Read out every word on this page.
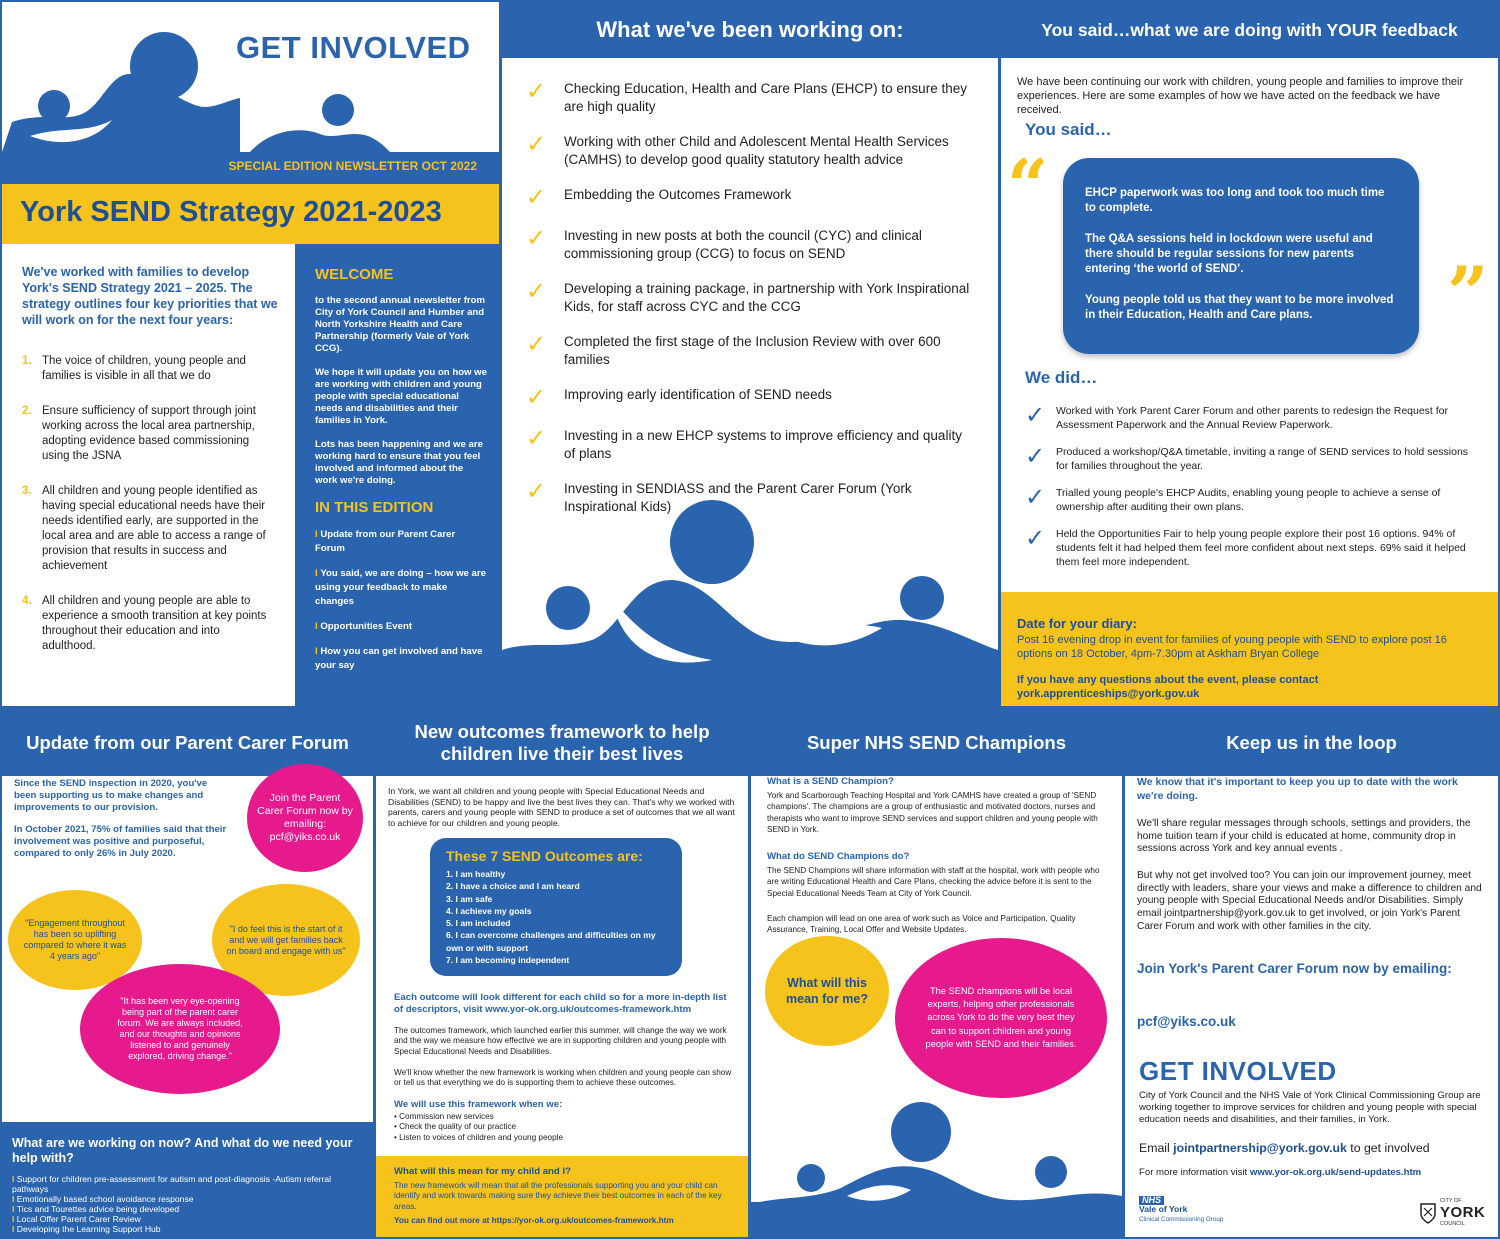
GET INVOLVED
SPECIAL EDITION NEWSLETTER OCT 2022
York SEND Strategy 2021-2023
We've worked with families to develop York's SEND Strategy 2021 – 2025. The strategy outlines four key priorities that we will work on for the next four years:
1. The voice of children, young people and families is visible in all that we do
2. Ensure sufficiency of support through joint working across the local area partnership, adopting evidence based commissioning using the JSNA
3. All children and young people identified as having special educational needs have their needs identified early, are supported in the local area and are able to access a range of provision that results in success and achievement
4. All children and young people are able to experience a smooth transition at key points throughout their education and into adulthood.
WELCOME

to the second annual newsletter from City of York Council and Humber and North Yorkshire Health and Care Partnership (formerly Vale of York CCG).

We hope it will update you on how we are working with children and young people with special educational needs and disabilities and their families in York.

Lots has been happening and we are working hard to ensure that you feel involved and informed about the work we're doing.

IN THIS EDITION
I Update from our Parent Carer Forum
I You said, we are doing – how we are using your feedback to make changes
I Opportunities Event
I How you can get involved and have your say
What we've been working on:
✓	Checking Education, Health and Care Plans (EHCP) to ensure they are high quality
✓	Working with other Child and Adolescent Mental Health Services (CAMHS) to develop good quality statutory health advice
✓	Embedding the Outcomes Framework
✓	Investing in new posts at both the council (CYC) and clinical commissioning group (CCG) to focus on SEND
✓	Developing a training package, in partnership with York Inspirational Kids, for staff across CYC and the CCG
✓	Completed the first stage of the Inclusion Review with over 600 families
✓	Improving early identification of SEND needs
✓	Investing in a new EHCP systems to improve efficiency and quality of plans
✓	Investing in SENDIASS and the Parent Carer Forum (York Inspirational Kids)
You said…what we are doing with YOUR feedback
We have been continuing our work with children, young people and families to improve their experiences. Here are some examples of how we have acted on the feedback we have received.
You said…
“	EHCP paperwork was too long and took too much time to complete.

The Q&A sessions held in lockdown were useful and there should be regular sessions for new parents entering ‘the world of SEND’.

Young people told us that they want to be more involved in their Education, Health and Care plans.	”
We did…
✓	Worked with York Parent Carer Forum and other parents to redesign the Request for Assessment Paperwork and the Annual Review Paperwork.
✓	Produced a workshop/Q&A timetable, inviting a range of SEND services to hold sessions for families throughout the year.
✓	Trialled young people's EHCP Audits, enabling young people to achieve a sense of ownership after auditing their own plans.
✓	Held the Opportunities Fair to help young people explore their post 16 options. 94% of students felt it had helped them feel more confident about next steps. 69% said it helped them feel more independent.
Date for your diary:

Post 16 evening drop in event for families of young people with SEND to explore post 16 options on 18 October, 4pm-7.30pm at Askham Bryan College

If you have any questions about the event, please contact york.apprenticeships@york.gov.uk

Update from our Parent Carer Forum
Since the SEND inspection in 2020, you've been supporting us to make changes and improvements to our provision.
In October 2021, 75% of families said that their involvement was positive and purposeful, compared to only 26% in July 2020.
Join the Parent Carer Forum now by emailing: pcf@yiks.co.uk
"Engagement throughout has been so uplifting compared to where it was 4 years ago"
"I do feel this is the start of it and we will get families back on board and engage with us"
"It has been very eye-opening being part of the parent carer forum. We are always included, and our thoughts and opinions listened to and genuinely explored, driving change."
What are we working on now? And what do we need your help with?
I Support for children pre-assessment for autism and post-diagnosis -Autism referral pathways
I Emotionally based school avoidance response
I Tics and Tourettes advice being developed
I Local Offer Parent Carer Review
I Developing the Learning Support Hub
New outcomes framework to help children live their best lives
In York, we want all children and young people with Special Educational Needs and Disabilities (SEND) to be happy and live the best lives they can. That's why we worked with parents, carers and young people with SEND to produce a set of outcomes that we all want to achieve for our children and young people.
These 7 SEND Outcomes are:
1. I am healthy
2. I have a choice and I am heard
3. I am safe
4. I achieve my goals
5. I am included
6. I can overcome challenges and difficulties on my own or with support
7. I am becoming independent
Each outcome will look different for each child so for a more in-depth list of descriptors, visit www.yor-ok.org.uk/outcomes-framework.htm
The outcomes framework, which launched earlier this summer, will change the way we work and the way we measure how effective we are in supporting children and young people with Special Educational Needs and Disabilities.
We'll know whether the new framework is working when children and young people can show or tell us that everything we do is supporting them to achieve these outcomes.
We will use this framework when we:
• Commission new services
• Check the quality of our practice
• Listen to voices of children and young people
What will this mean for my child and I?

The new framework will mean that all the professionals supporting you and your child can identify and work towards making sure they achieve their best outcomes in each of the key areas.

You can find out more at https://yor-ok.org.uk/outcomes-framework.htm

Super NHS SEND Champions
What is a SEND Champion?
York and Scarborough Teaching Hospital and York CAMHS have created a group of 'SEND champions'. The champions are a group of enthusiastic and motivated doctors, nurses and therapists who want to improve SEND services and support children and young people with SEND in York.
What do SEND Champions do?
The SEND Champions will share information with staff at the hospital, work with people who are writing Educational Health and Care Plans, checking the advice before it is sent to the Special Educational Needs Team at City of York Council.
Each champion will lead on one area of work such as Voice and Participation, Quality Assurance, Training, Local Offer and Website Updates.
What will this mean for me?
The SEND champions will be local experts, helping other professionals across York to do the very best they can to support children and young people with SEND and their families.
Keep us in the loop
We know that it's important to keep you up to date with the work we're doing.
We'll share regular messages through schools, settings and providers, the home tuition team if your child is educated at home, community drop in sessions across York and key annual events .
But why not get involved too? You can join our improvement journey, meet directly with leaders, share your views and make a difference to children and young people with Special Educational Needs and/or Disabilities. Simply email jointpartnership@york.gov.uk to get involved, or join York's Parent Carer Forum and work with other families in the city.
Join York's Parent Carer Forum now by emailing:
pcf@yiks.co.uk
GET INVOLVED
City of York Council and the NHS Vale of York Clinical Commissioning Group are working together to improve services for children and young people with special education needs and disabilities, and their families, in York.
Email jointpartnership@york.gov.uk to get involved
For more information visit www.yor-ok.org.uk/send-updates.htm
NHS
Vale of York
Clinical Commissioning Group
CITY OF
YORK
COUNCIL
